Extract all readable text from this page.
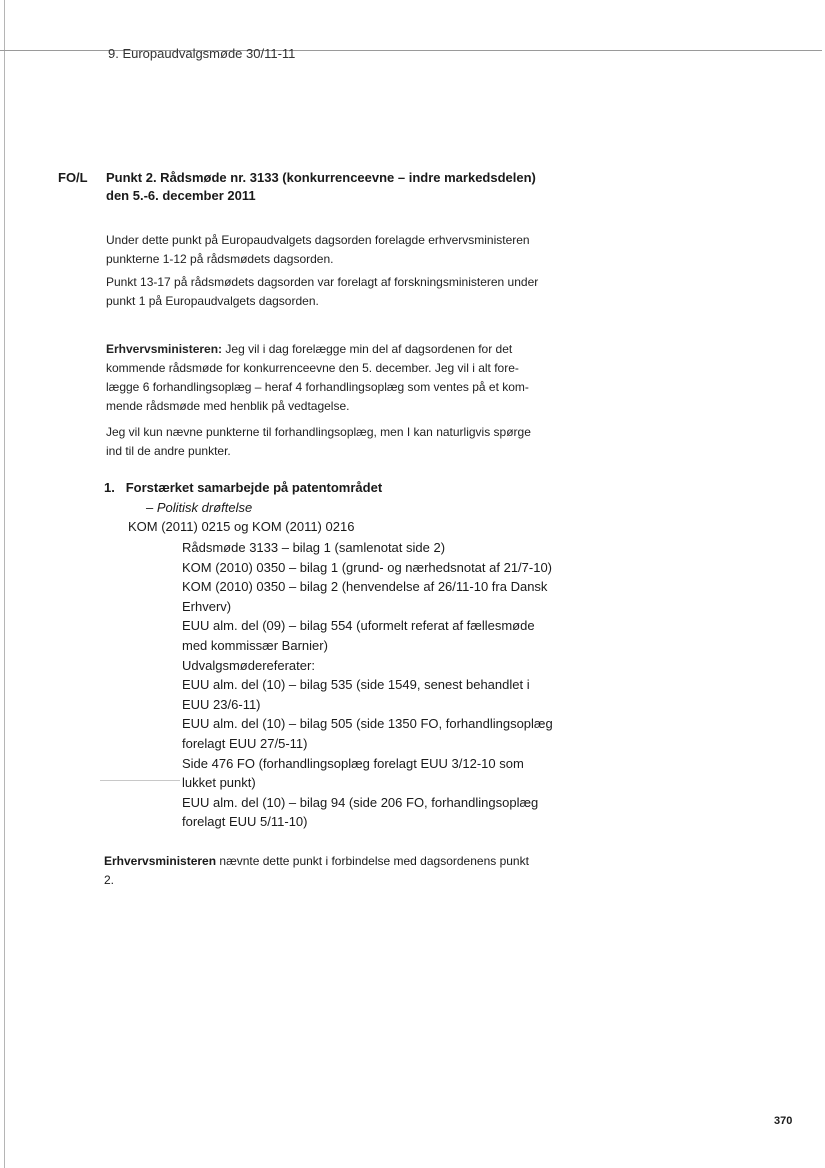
9. Europaudvalgsmøde 30/11-11
FO/L Punkt 2. Rådsmøde nr. 3133 (konkurrenceevne – indre markedsdelen)
den 5.-6. december 2011
Under dette punkt på Europaudvalgets dagsorden forelagde erhvervsministeren
punkterne 1-12 på rådsmødets dagsorden.
Punkt 13-17 på rådsmødets dagsorden var forelagt af forskningsministeren under
punkt 1 på Europaudvalgets dagsorden.
Erhvervsministeren: Jeg vil i dag forelægge min del af dagsordenen for det
kommende rådsmøde for konkurrenceevne den 5. december. Jeg vil i alt fore-
lægge 6 forhandlingsoplæg – heraf 4 forhandlingsoplæg som ventes på et kom-
mende rådsmøde med henblik på vedtagelse.
Jeg vil kun nævne punkterne til forhandlingsoplæg, men I kan naturligvis spørge
ind til de andre punkter.
1. Forstærket samarbejde på patentområdet
– Politisk drøftelse
KOM (2011) 0215 og KOM (2011) 0216
Rådsmøde 3133 – bilag 1 (samlenotat side 2)
KOM (2010) 0350 – bilag 1 (grund- og nærhedsnotat af 21/7-10)
KOM (2010) 0350 – bilag 2 (henvendelse af 26/11-10 fra Dansk
Erhverv)
EUU alm. del (09) – bilag 554 (uformelt referat af fællesmøde
med kommissær Barnier)
Udvalgsmødereferater:
EUU alm. del (10) – bilag 535 (side 1549, senest behandlet i
EUU 23/6-11)
EUU alm. del (10) – bilag 505 (side 1350 FO, forhandlingsoplæg
forelagt EUU 27/5-11)
Side 476 FO (forhandlingsoplæg forelagt EUU 3/12-10 som
lukket punkt)
EUU alm. del (10) – bilag 94 (side 206 FO, forhandlingsoplæg
forelagt EUU 5/11-10)
Erhvervsministeren nævnte dette punkt i forbindelse med dagsordenens punkt
2.
370
